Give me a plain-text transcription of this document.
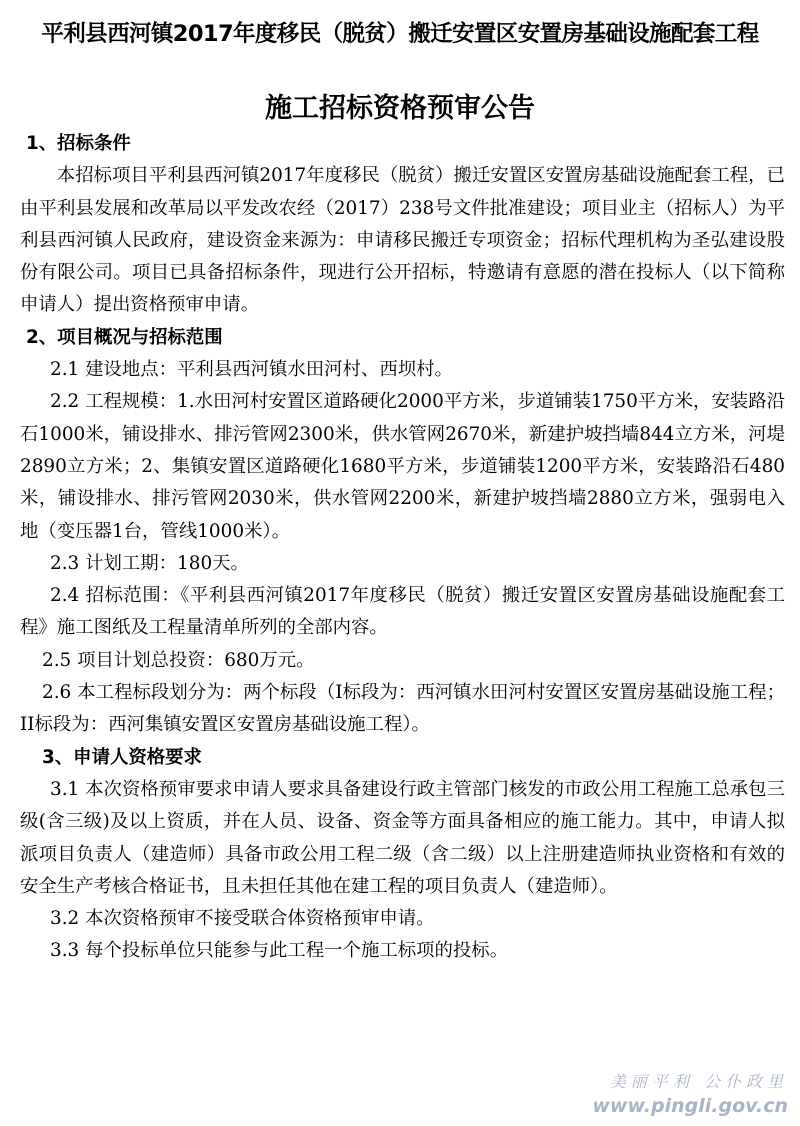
平利县西河镇2017年度移民（脱贫）搬迁安置区安置房基础设施配套工程
施工招标资格预审公告

1、招标条件

本招标项目平利县西河镇2017年度移民（脱贫）搬迁安置区安置房基础设施配套工程，已由平利县发展和改革局以平发改农经（2017）238号文件批准建设；项目业主（招标人）为平利县西河镇人民政府，建设资金来源为：申请移民搬迁专项资金；招标代理机构为圣弘建设股份有限公司。项目已具备招标条件，现进行公开招标，特邀请有意愿的潜在投标人（以下简称申请人）提出资格预审申请。

2、项目概况与招标范围

2.1 建设地点：平利县西河镇水田河村、西坝村。

2.2 工程规模：1.水田河村安置区道路硬化2000平方米，步道铺装1750平方米，安装路沿石1000米，铺设排水、排污管网2300米，供水管网2670米，新建护坡挡墙844立方米，河堤2890立方米；2、集镇安置区道路硬化1680平方米，步道铺装1200平方米，安装路沿石480米，铺设排水、排污管网2030米，供水管网2200米，新建护坡挡墙2880立方米，强弱电入地（变压器1台，管线1000米）。

2.3 计划工期：180天。

2.4 招标范围：《平利县西河镇2017年度移民（脱贫）搬迁安置区安置房基础设施配套工程》施工图纸及工程量清单所列的全部内容。

2.5 项目计划总投资：680万元。

2.6 本工程标段划分为：两个标段（I标段为：西河镇水田河村安置区安置房基础设施工程；II标段为：西河集镇安置区安置房基础设施工程）。

3、申请人资格要求

3.1 本次资格预审要求申请人要求具备建设行政主管部门核发的市政公用工程施工总承包三级(含三级)及以上资质，并在人员、设备、资金等方面具备相应的施工能力。其中，申请人拟派项目负责人（建造师）具备市政公用工程二级（含二级）以上注册建造师执业资格和有效的安全生产考核合格证书，且未担任其他在建工程的项目负责人（建造师）。

3.2 本次资格预审不接受联合体资格预审申请。

3.3 每个投标单位只能参与此工程一个施工标项的投标。

美丽平利 公仆政里
www.pingli.gov.cn
